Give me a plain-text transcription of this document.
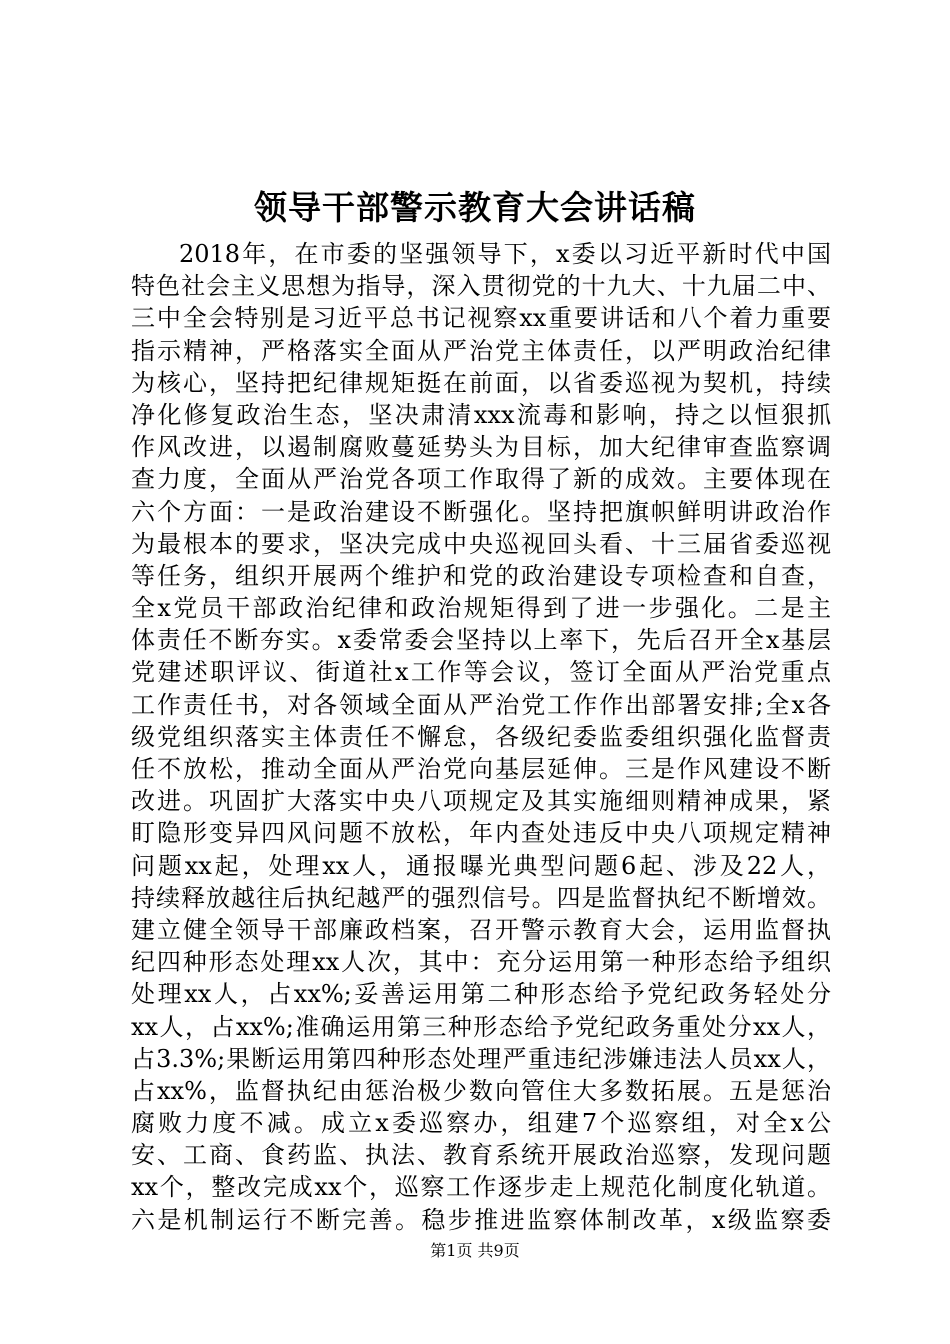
领导干部警示教育大会讲话稿
2018年，在市委的坚强领导下，x委以习近平新时代中国
特色社会主义思想为指导，深入贯彻党的十九大、十九届二中、
三中全会特别是习近平总书记视察xx重要讲话和八个着力重要
指示精神，严格落实全面从严治党主体责任，以严明政治纪律
为核心，坚持把纪律规矩挺在前面，以省委巡视为契机，持续
净化修复政治生态，坚决肃清xxx流毒和影响，持之以恒狠抓
作风改进，以遏制腐败蔓延势头为目标，加大纪律审查监察调
查力度，全面从严治党各项工作取得了新的成效。主要体现在
六个方面：一是政治建设不断强化。坚持把旗帜鲜明讲政治作
为最根本的要求，坚决完成中央巡视回头看、十三届省委巡视
等任务，组织开展两个维护和党的政治建设专项检查和自查，
全x党员干部政治纪律和政治规矩得到了进一步强化。二是主
体责任不断夯实。x委常委会坚持以上率下，先后召开全x基层
党建述职评议、街道社x工作等会议，签订全面从严治党重点
工作责任书，对各领域全面从严治党工作作出部署安排;全x各
级党组织落实主体责任不懈怠，各级纪委监委组织强化监督责
任不放松，推动全面从严治党向基层延伸。三是作风建设不断
改进。巩固扩大落实中央八项规定及其实施细则精神成果，紧
盯隐形变异四风问题不放松，年内查处违反中央八项规定精神
问题xx起，处理xx人，通报曝光典型问题6起、涉及22人，
持续释放越往后执纪越严的强烈信号。四是监督执纪不断增效。
建立健全领导干部廉政档案，召开警示教育大会，运用监督执
纪四种形态处理xx人次，其中：充分运用第一种形态给予组织
处理xx人，占xx%;妥善运用第二种形态给予党纪政务轻处分
xx人，占xx%;准确运用第三种形态给予党纪政务重处分xx人，
占3.3%;果断运用第四种形态处理严重违纪涉嫌违法人员xx人，
占xx%，监督执纪由惩治极少数向管住大多数拓展。五是惩治
腐败力度不减。成立x委巡察办，组建7个巡察组，对全x公
安、工商、食药监、执法、教育系统开展政治巡察，发现问题
xx个，整改完成xx个，巡察工作逐步走上规范化制度化轨道。
六是机制运行不断完善。稳步推进监察体制改革，x级监察委
第1页 共9页
